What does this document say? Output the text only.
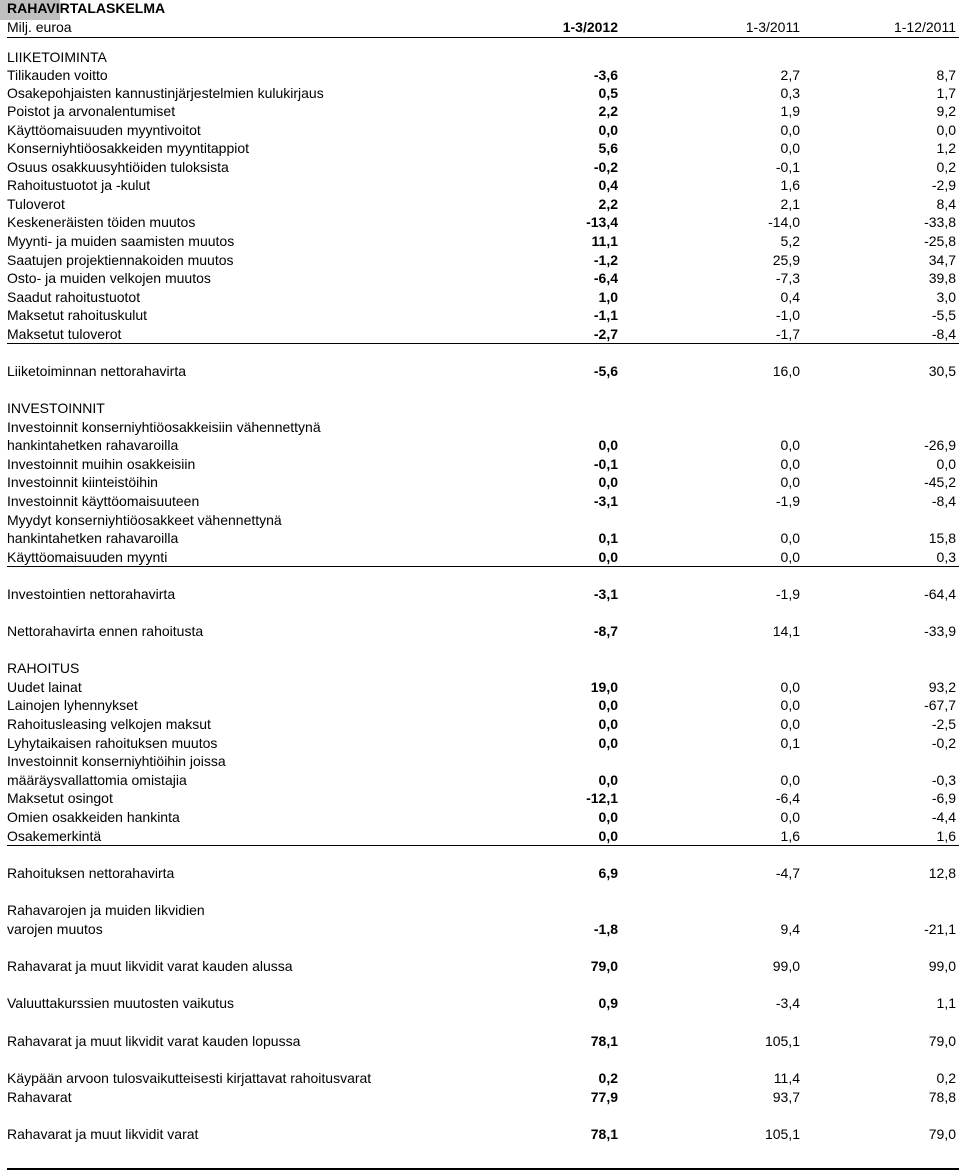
RAHAVIRTALASKELMA
Milj. euroa	1-3/2012	1-3/2011	1-12/2011
LIIKETOIMINTA
Tilikauden voitto	-3,6	2,7	8,7
Osakepohjaisten kannustinjärjestelmien kulukirjaus	0,5	0,3	1,7
Poistot ja arvonalentumiset	2,2	1,9	9,2
Käyttöomaisuuden myyntivoitot	0,0	0,0	0,0
Konserniyhtiöosakkeiden myyntitappiot	5,6	0,0	1,2
Osuus osakkuusyhtiöiden tuloksista	-0,2	-0,1	0,2
Rahoitustuotot ja -kulut	0,4	1,6	-2,9
Tuloverot	2,2	2,1	8,4
Keskeneräisten töiden muutos	-13,4	-14,0	-33,8
Myynti- ja muiden saamisten muutos	11,1	5,2	-25,8
Saatujen projektiennakoiden muutos	-1,2	25,9	34,7
Osto- ja muiden velkojen muutos	-6,4	-7,3	39,8
Saadut rahoitustuotot	1,0	0,4	3,0
Maksetut rahoituskulut	-1,1	-1,0	-5,5
Maksetut tuloverot	-2,7	-1,7	-8,4
Liiketoiminnan nettorahavirta	-5,6	16,0	30,5
INVESTOINNIT
Investoinnit konserniyhtiöosakkeisiin vähennettynä
hankintahetken rahavaroilla	0,0	0,0	-26,9
Investoinnit muihin osakkeisiin	-0,1	0,0	0,0
Investoinnit kiinteistöihin	0,0	0,0	-45,2
Investoinnit käyttöomaisuuteen	-3,1	-1,9	-8,4
Myydyt konserniyhtiöosakkeet vähennettynä
hankintahetken rahavaroilla	0,1	0,0	15,8
Käyttöomaisuuden myynti	0,0	0,0	0,3
Investointien nettorahavirta	-3,1	-1,9	-64,4
Nettorahavirta ennen rahoitusta	-8,7	14,1	-33,9
RAHOITUS
Uudet lainat	19,0	0,0	93,2
Lainojen lyhennykset	0,0	0,0	-67,7
Rahoitusleasing velkojen maksut	0,0	0,0	-2,5
Lyhytaikaisen rahoituksen muutos	0,0	0,1	-0,2
Investoinnit konserniyhtiöihin joissa
määräysvallattomia omistajia	0,0	0,0	-0,3
Maksetut osingot	-12,1	-6,4	-6,9
Omien osakkeiden hankinta	0,0	0,0	-4,4
Osakemerkintä	0,0	1,6	1,6
Rahoituksen nettorahavirta	6,9	-4,7	12,8
Rahavarojen ja muiden likvidien
varojen muutos	-1,8	9,4	-21,1
Rahavarat ja muut likvidit varat kauden alussa	79,0	99,0	99,0
Valuuttakurssien muutosten vaikutus	0,9	-3,4	1,1
Rahavarat ja muut likvidit varat kauden lopussa	78,1	105,1	79,0
Käypään arvoon tulosvaikutteisesti kirjattavat rahoitusvarat	0,2	11,4	0,2
Rahavarat	77,9	93,7	78,8
Rahavarat ja muut likvidit varat	78,1	105,1	79,0
